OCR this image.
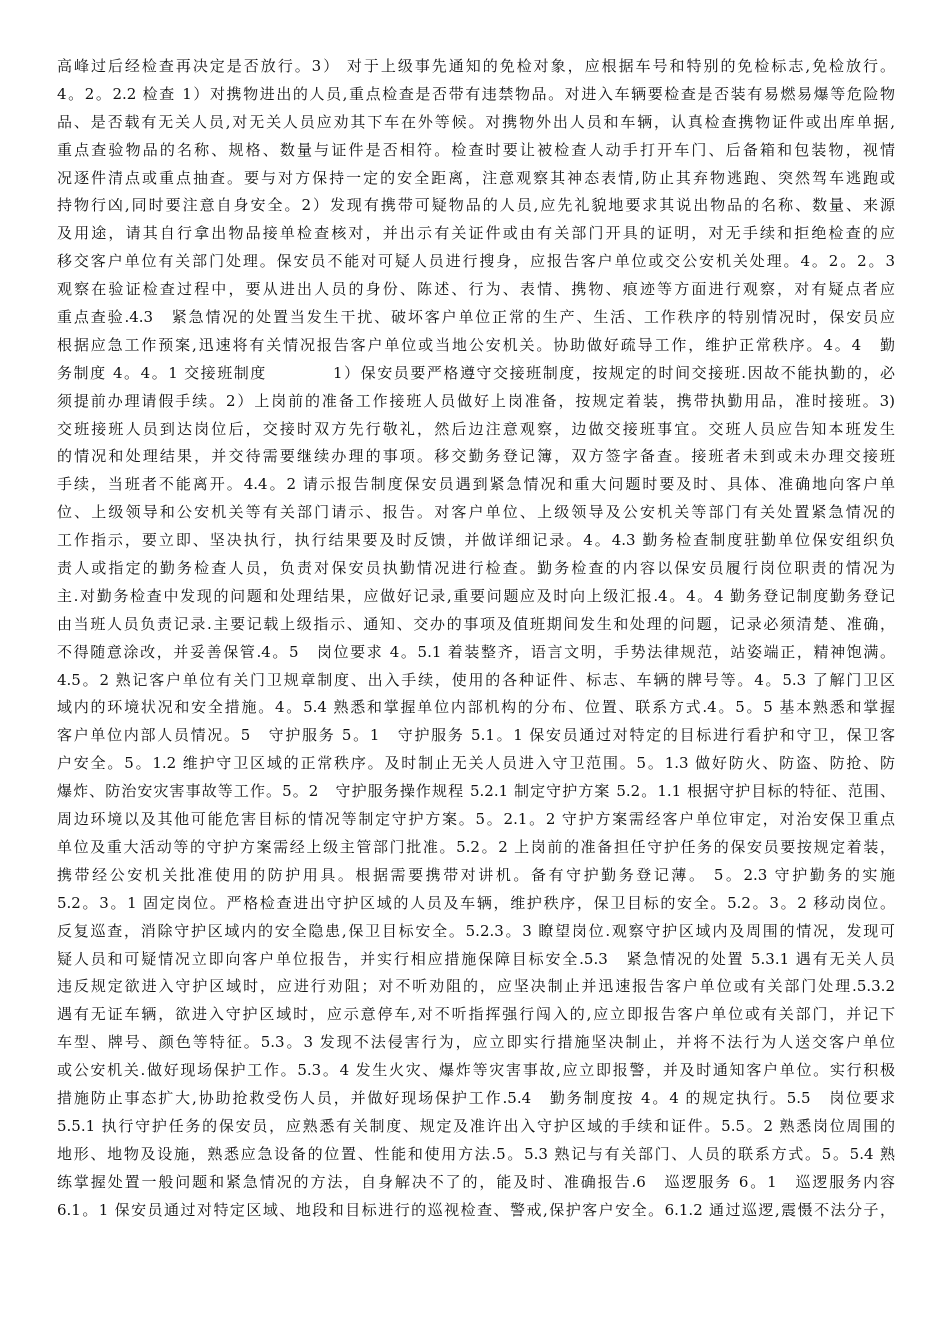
高峰过后经检查再决定是否放行。3） 对于上级事先通知的免检对象，应根据车号和特别的免检标志,免检放行。
4。2。2.2 检查 1）对携物进出的人员,重点检查是否带有违禁物品。对进入车辆要检查是否装有易燃易爆等危险物
品、是否载有无关人员,对无关人员应劝其下车在外等候。对携物外出人员和车辆，认真检查携物证件或出库单据,
重点查验物品的名称、规格、数量与证件是否相符。检查时要让被检查人动手打开车门、后备箱和包装物，视情
况逐件清点或重点抽查。要与对方保持一定的安全距离，注意观察其神态表情,防止其弃物逃跑、突然驾车逃跑或
持物行凶,同时要注意自身安全。2）发现有携带可疑物品的人员,应先礼貌地要求其说出物品的名称、数量、来源
及用途，请其自行拿出物品接单检查核对，并出示有关证件或由有关部门开具的证明，对无手续和拒绝检查的应
移交客户单位有关部门处理。保安员不能对可疑人员进行搜身，应报告客户单位或交公安机关处理。4。2。2。3
观察在验证检查过程中，要从进出人员的身份、陈述、行为、表情、携物、痕迹等方面进行观察，对有疑点者应
重点查验.4.3　紧急情况的处置当发生干扰、破坏客户单位正常的生产、生活、工作秩序的特别情况时，保安员应
根据应急工作预案,迅速将有关情况报告客户单位或当地公安机关。协助做好疏导工作，维护正常秩序。4。4　勤
务制度 4。4。1 交接班制度　　　　1）保安员要严格遵守交接班制度，按规定的时间交接班.因故不能执勤的，必
须提前办理请假手续。2）上岗前的准备工作接班人员做好上岗准备，按规定着装，携带执勤用品，准时接班。3)
交班接班人员到达岗位后，交接时双方先行敬礼，然后边注意观察，边做交接班事宜。交班人员应告知本班发生
的情况和处理结果，并交待需要继续办理的事项。移交勤务登记簿，双方签字备查。接班者未到或未办理交接班
手续，当班者不能离开。4.4。2 请示报告制度保安员遇到紧急情况和重大问题时要及时、具体、准确地向客户单
位、上级领导和公安机关等有关部门请示、报告。对客户单位、上级领导及公安机关等部门有关处置紧急情况的
工作指示，要立即、坚决执行，执行结果要及时反馈，并做详细记录。4。4.3 勤务检查制度驻勤单位保安组织负
责人或指定的勤务检查人员，负责对保安员执勤情况进行检查。勤务检查的内容以保安员履行岗位职责的情况为
主.对勤务检查中发现的问题和处理结果，应做好记录,重要问题应及时向上级汇报.4。4。4 勤务登记制度勤务登记
由当班人员负责记录.主要记载上级指示、通知、交办的事项及值班期间发生和处理的问题，记录必须清楚、准确，
不得随意涂改，并妥善保管.4。5　岗位要求 4。5.1 着装整齐，语言文明，手势法律规范，站姿端正，精神饱满。
4.5。2 熟记客户单位有关门卫规章制度、出入手续，使用的各种证件、标志、车辆的牌号等。4。5.3 了解门卫区
域内的环境状况和安全措施。4。5.4 熟悉和掌握单位内部机构的分布、位置、联系方式.4。5。5 基本熟悉和掌握
客户单位内部人员情况。5　守护服务 5。1　守护服务 5.1。1 保安员通过对特定的目标进行看护和守卫，保卫客
户安全。5。1.2 维护守卫区域的正常秩序。及时制止无关人员进入守卫范围。5。1.3 做好防火、防盗、防抢、防
爆炸、防治安灾害事故等工作。5。2　守护服务操作规程 5.2.1 制定守护方案 5.2。1.1 根据守护目标的特征、范围、
周边环境以及其他可能危害目标的情况等制定守护方案。5。2.1。2 守护方案需经客户单位审定，对治安保卫重点
单位及重大活动等的守护方案需经上级主管部门批准。5.2。2 上岗前的准备担任守护任务的保安员要按规定着装，
携带经公安机关批准使用的防护用具。根据需要携带对讲机。备有守护勤务登记薄。 5。2.3 守护勤务的实施
5.2。3。1 固定岗位。严格检查进出守护区域的人员及车辆，维护秩序，保卫目标的安全。5.2。3。2 移动岗位。
反复巡查，消除守护区域内的安全隐患,保卫目标安全。5.2.3。3 瞭望岗位.观察守护区域内及周围的情况，发现可
疑人员和可疑情况立即向客户单位报告，并实行相应措施保障目标安全.5.3　紧急情况的处置 5.3.1 遇有无关人员
违反规定欲进入守护区域时，应进行劝阻；对不听劝阻的，应坚决制止并迅速报告客户单位或有关部门处理.5.3.2
遇有无证车辆，欲进入守护区域时，应示意停车,对不听指挥强行闯入的,应立即报告客户单位或有关部门，并记下
车型、牌号、颜色等特征。5.3。3 发现不法侵害行为，应立即实行措施坚决制止，并将不法行为人送交客户单位
或公安机关.做好现场保护工作。5.3。4 发生火灾、爆炸等灾害事故,应立即报警，并及时通知客户单位。实行积极
措施防止事态扩大,协助抢救受伤人员，并做好现场保护工作.5.4　勤务制度按 4。4 的规定执行。5.5　岗位要求
5.5.1 执行守护任务的保安员，应熟悉有关制度、规定及准许出入守护区域的手续和证件。5.5。2 熟悉岗位周围的
地形、地物及设施，熟悉应急设备的位置、性能和使用方法.5。5.3 熟记与有关部门、人员的联系方式。5。5.4 熟
练掌握处置一般问题和紧急情况的方法，自身解决不了的，能及时、准确报告.6　巡逻服务 6。1　巡逻服务内容
6.1。1 保安员通过对特定区域、地段和目标进行的巡视检查、警戒,保护客户安全。6.1.2 通过巡逻,震慑不法分子，
